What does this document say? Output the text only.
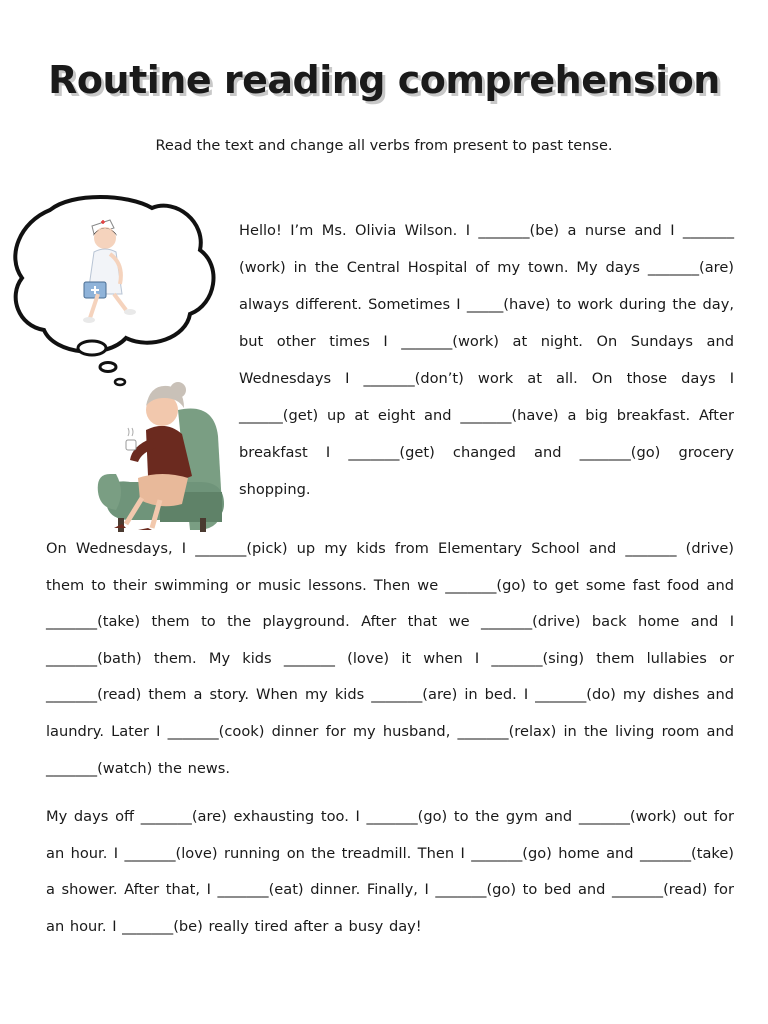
Routine reading comprehension
Read the text and change all verbs from present to past tense.

Hello! I’m Ms. Olivia Wilson. I _______(be) a nurse and I _______ (work) in the Central Hospital of my town. My days _______(are) always different. Sometimes I _____(have) to work during the day, but other times I _______(work) at night. On Sundays and Wednesdays I _______(don’t) work at all. On those days I ______(get) up at eight and _______(have) a big breakfast. After breakfast I _______(get) changed and _______(go) grocery shopping.

On Wednesdays, I _______(pick) up my kids from Elementary School and _______ (drive) them to their swimming or music lessons. Then we _______(go) to get some fast food and _______(take) them to the playground. After that we _______(drive) back home and I _______(bath) them. My kids _______ (love) it when I _______(sing) them lullabies or _______(read) them a story. When my kids _______(are) in bed. I _______(do) my dishes and laundry. Later I _______(cook) dinner for my husband, _______(relax) in the living room and _______(watch) the news.

My days off _______(are) exhausting too. I _______(go) to the gym and _______(work) out for an hour. I _______(love) running on the treadmill. Then I _______(go) home and _______(take) a shower. After that, I _______(eat) dinner. Finally, I _______(go) to bed and _______(read) for an hour. I _______(be) really tired after a busy day!
